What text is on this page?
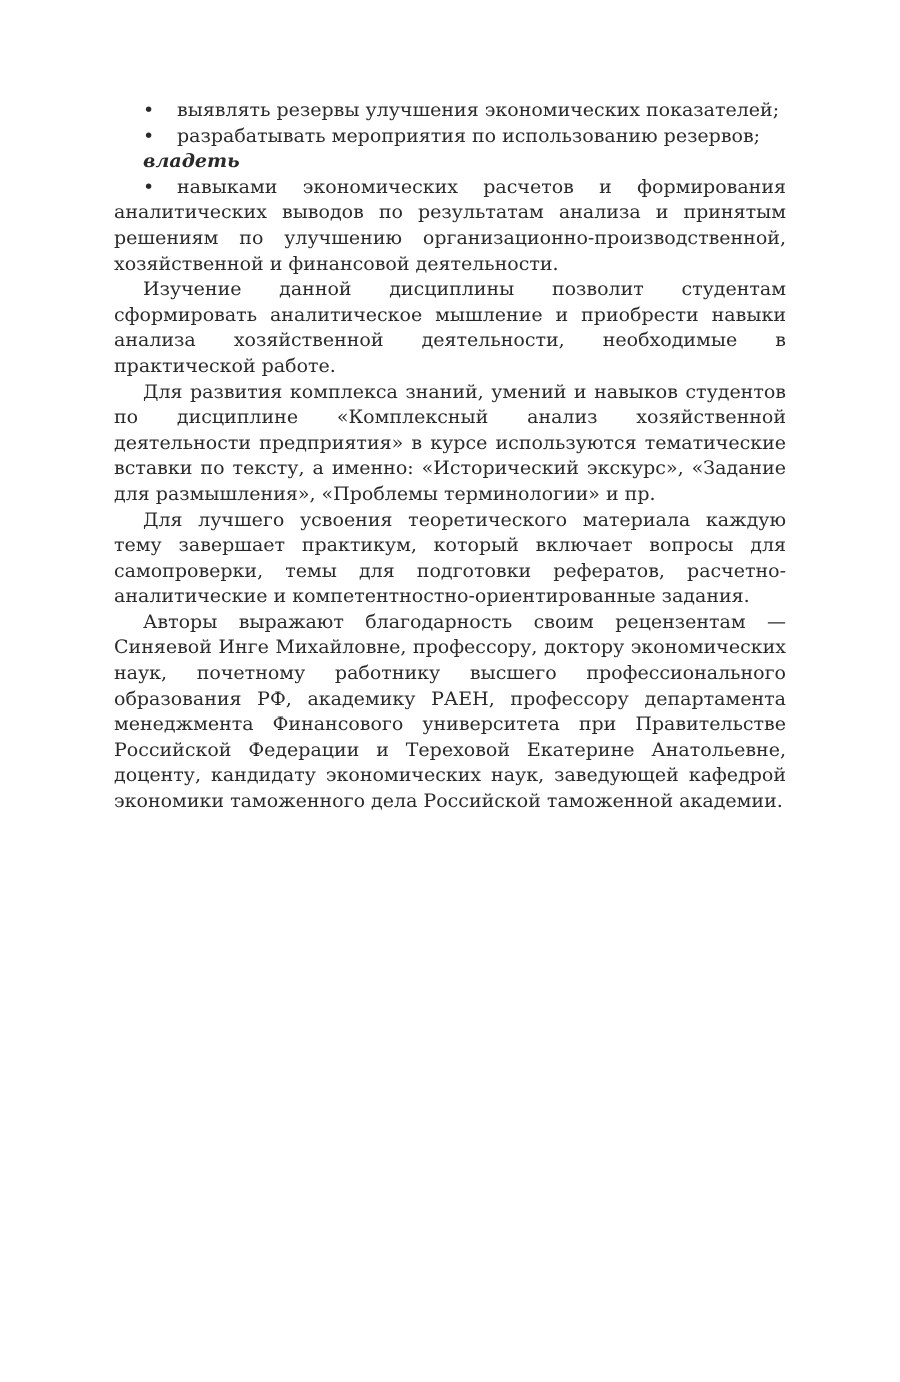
• выявлять резервы улучшения экономических показателей;

• разрабатывать мероприятия по использованию резервов;

владеть

• навыками экономических расчетов и формирования аналитических выводов по результатам анализа и принятым решениям по улучшению организационно-производственной, хозяйственной и финансовой деятельности.

Изучение данной дисциплины позволит студентам сформировать аналитическое мышление и приобрести навыки анализа хозяйственной деятельности, необходимые в практической работе.

Для развития комплекса знаний, умений и навыков студентов по дисциплине «Комплексный анализ хозяйственной деятельности предприятия» в курсе используются тематические вставки по тексту, а именно: «Исторический экскурс», «Задание для размышления», «Проблемы терминологии» и пр.

Для лучшего усвоения теоретического материала каждую тему завершает практикум, который включает вопросы для самопроверки, темы для подготовки рефератов, расчетно-аналитические и компетентностно-ориентированные задания.

Авторы выражают благодарность своим рецензентам — Синяевой Инге Михайловне, профессору, доктору экономических наук, почетному работнику высшего профессионального образования РФ, академику РАЕН, профессору департамента менеджмента Финансового университета при Правительстве Российской Федерации и Тереховой Екатерине Анатольевне, доценту, кандидату экономических наук, заведующей кафедрой экономики таможенного дела Российской таможенной академии.
